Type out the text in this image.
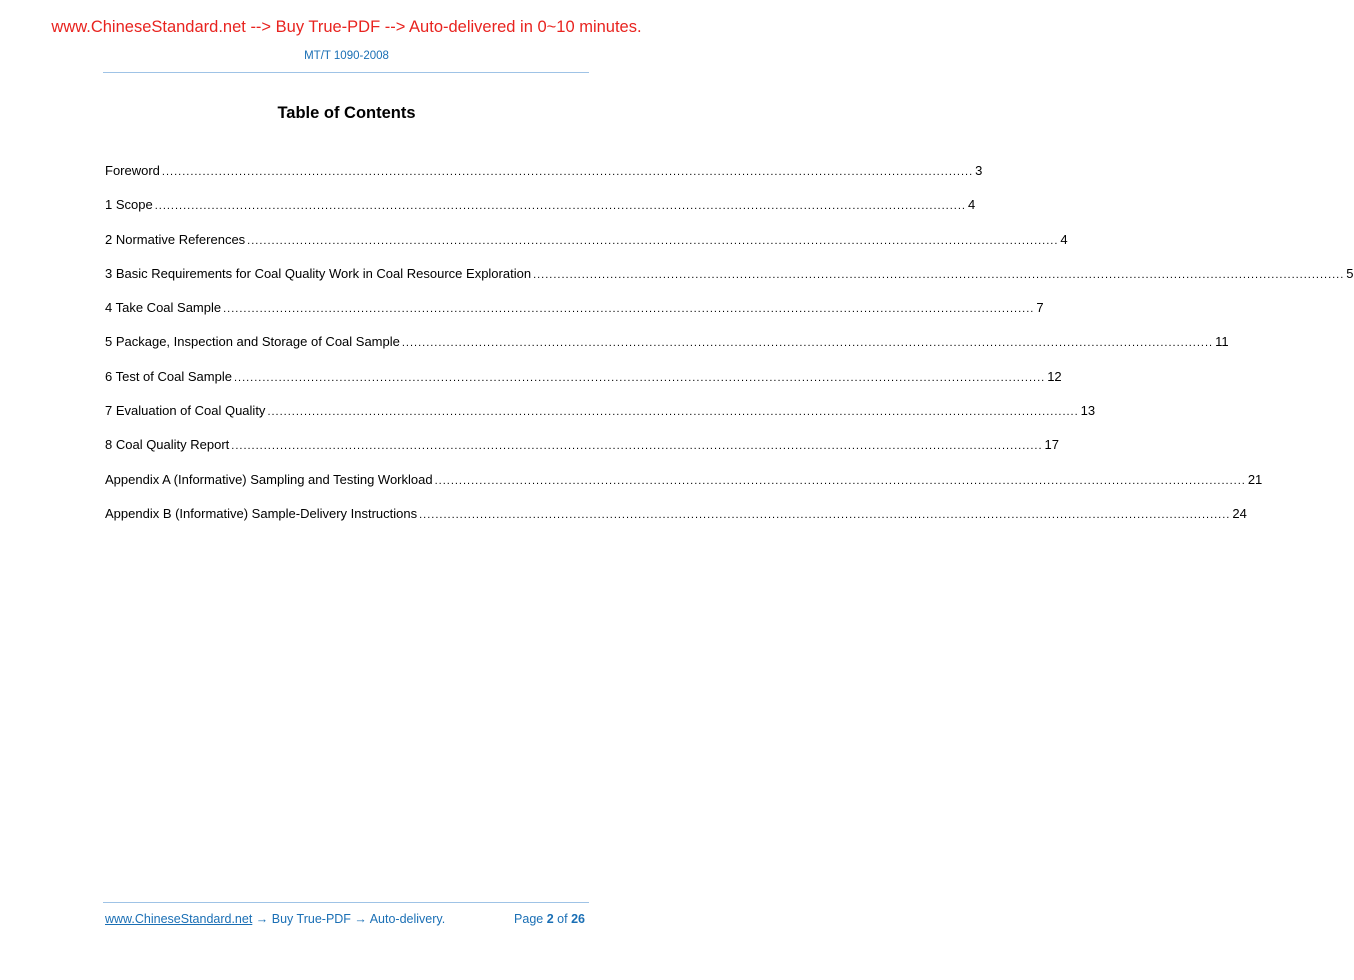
www.ChineseStandard.net --> Buy True-PDF --> Auto-delivered in 0~10 minutes.
MT/T 1090-2008
Table of Contents
Foreword ........................................................................................................................................................................................................ 3
1 Scope ........................................................................................................................................................................................................ 4
2 Normative References ........................................................................................................................................................................................................ 4
3 Basic Requirements for Coal Quality Work in Coal Resource Exploration ........................................................................................................................................................................................................ 5
4 Take Coal Sample ........................................................................................................................................................................................................ 7
5 Package, Inspection and Storage of Coal Sample ........................................................................................................................................................................................................ 11
6 Test of Coal Sample ........................................................................................................................................................................................................ 12
7 Evaluation of Coal Quality ........................................................................................................................................................................................................ 13
8 Coal Quality Report ........................................................................................................................................................................................................ 17
Appendix A (Informative) Sampling and Testing Workload ........................................................................................................................................................................................................ 21
Appendix B (Informative) Sample-Delivery Instructions ........................................................................................................................................................................................................ 24
www.ChineseStandard.net → Buy True-PDF → Auto-delivery.	Page 2 of 26
